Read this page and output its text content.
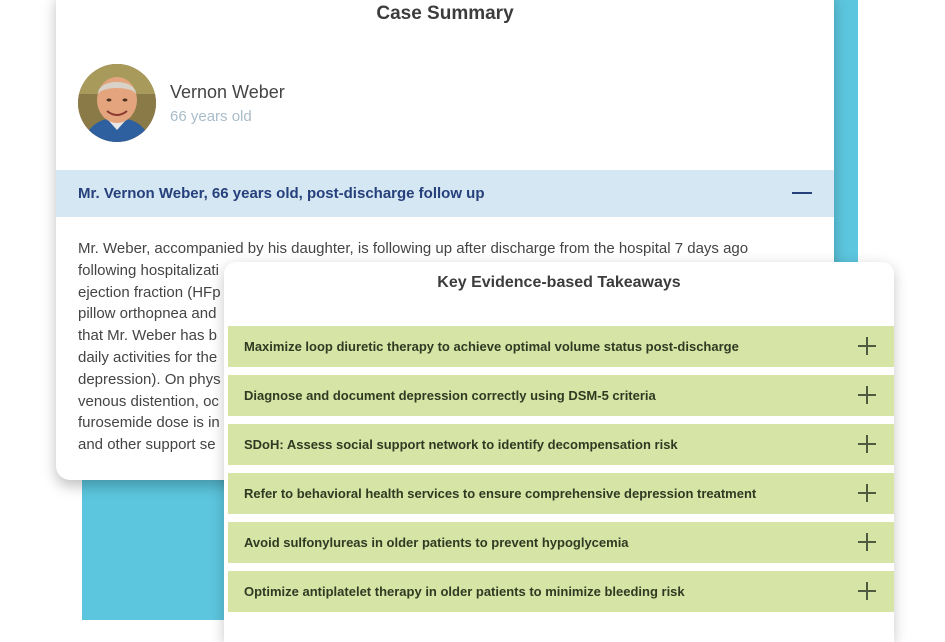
Case Summary
Vernon Weber
66 years old
Mr. Vernon Weber, 66 years old, post-discharge follow up
Mr. Weber, accompanied by his daughter, is following up after discharge from the hospital 7 days ago
following hospitalizati
ejection fraction (HFp
pillow orthopnea and
that Mr. Weber has b
daily activities for the
depression). On phys
venous distention, oc
furosemide dose is in
and other support se
Key Evidence-based Takeaways
Maximize loop diuretic therapy to achieve optimal volume status post-discharge
Diagnose and document depression correctly using DSM-5 criteria
SDoH: Assess social support network to identify decompensation risk
Refer to behavioral health services to ensure comprehensive depression treatment
Avoid sulfonylureas in older patients to prevent hypoglycemia
Optimize antiplatelet therapy in older patients to minimize bleeding risk
